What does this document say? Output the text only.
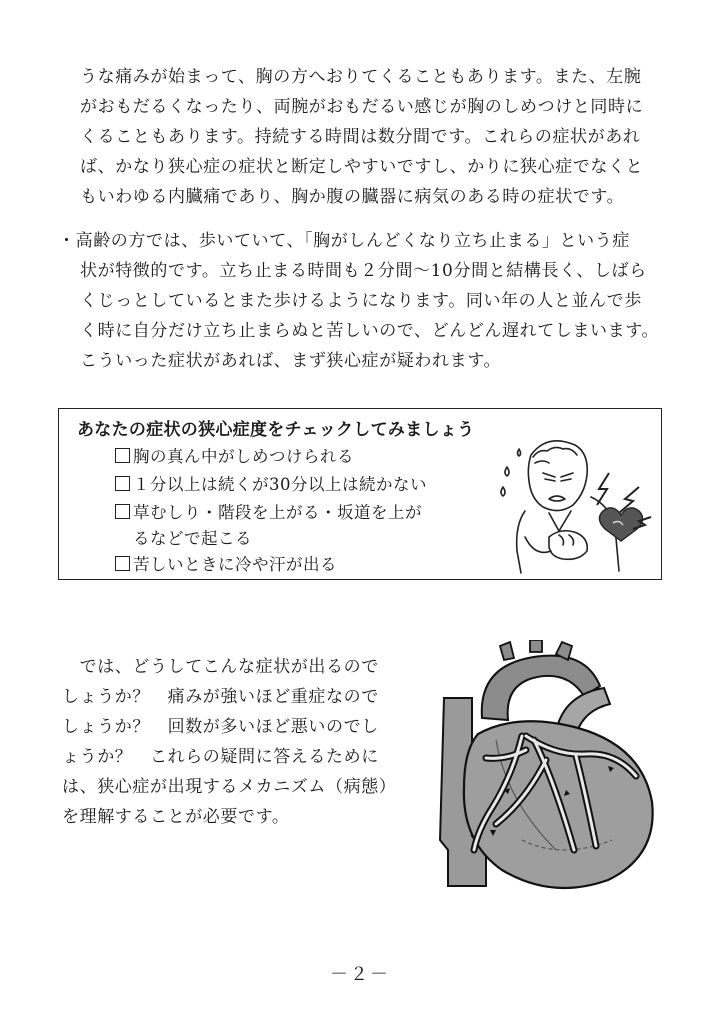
うな痛みが始まって、胸の方へおりてくることもあります。また、左腕
がおもだるくなったり、両腕がおもだるい感じが胸のしめつけと同時に
くることもあります。持続する時間は数分間です。これらの症状があれ
ば、かなり狭心症の症状と断定しやすいですし、かりに狭心症でなくと
もいわゆる内臓痛であり、胸か腹の臓器に病気のある時の症状です。
・高齢の方では、歩いていて、「胸がしんどくなり立ち止まる」という症
状が特徴的です。立ち止まる時間も２分間〜10分間と結構長く、しばら
くじっとしているとまた歩けるようになります。同い年の人と並んで歩
く時に自分だけ立ち止まらぬと苦しいので、どんどん遅れてしまいます。
こういった症状があれば、まず狭心症が疑われます。
あなたの症状の狭心症度をチェックしてみましょう
胸の真ん中がしめつけられる
１分以上は続くが30分以上は続かない
草むしり・階段を上がる・坂道を上が
るなどで起こる
苦しいときに冷や汗が出る
　では、どうしてこんな症状が出るので
しょうか？　痛みが強いほど重症なので
しょうか？　回数が多いほど悪いのでし
ょうか？　これらの疑問に答えるために
は、狭心症が出現するメカニズム（病態）
を理解することが必要です。
－２－
